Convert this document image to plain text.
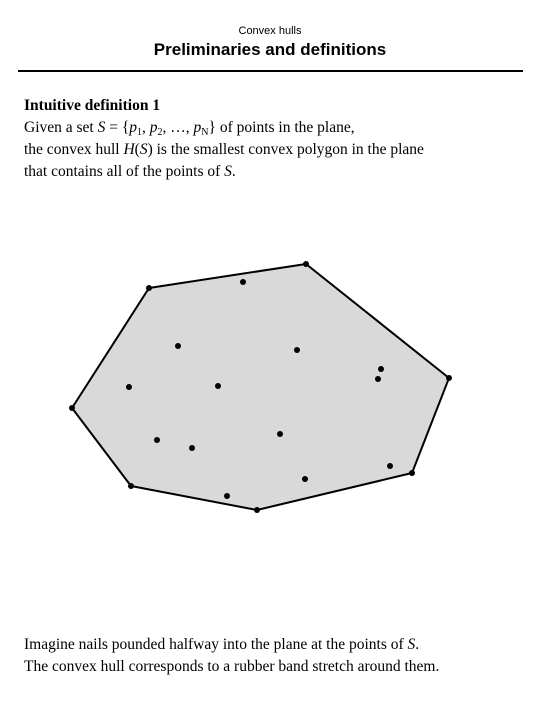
Convex hulls
Preliminaries and definitions
Intuitive definition 1
Given a set $S = \{p_1$, $p_2$, …, $p_N$} of points in the plane,
the convex hull H(S) is the smallest convex polygon in the plane
that contains all of the points of S.
Imagine nails pounded halfway into the plane at the points of S.
The convex hull corresponds to a rubber band stretch around them.
